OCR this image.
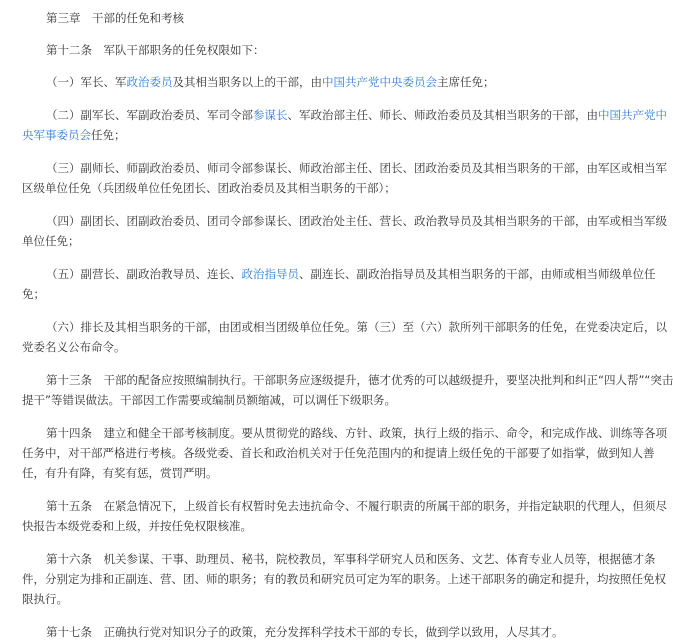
第三章　干部的任免和考核

第十二条　军队干部职务的任免权限如下：

（一）军长、军政治委员及其相当职务以上的干部，由中国共产党中央委员会主席任免；

（二）副军长、军副政治委员、军司令部参谋长、军政治部主任、师长、师政治委员及其相当职务的干部，由中国共产党中

央军事委员会任免；

（三）副师长、师副政治委员、师司令部参谋长、师政治部主任、团长、团政治委员及其相当职务的干部，由军区或相当军

区级单位任免（兵团级单位任免团长、团政治委员及其相当职务的干部）；

（四）副团长、团副政治委员、团司令部参谋长、团政治处主任、营长、政治教导员及其相当职务的干部，由军或相当军级

单位任免；

（五）副营长、副政治教导员、连长、政治指导员、副连长、副政治指导员及其相当职务的干部，由师或相当师级单位任

免；

（六）排长及其相当职务的干部，由团或相当团级单位任免。第（三）至（六）款所列干部职务的任免，在党委决定后，以

党委名义公布命令。

第十三条　干部的配备应按照编制执行。干部职务应逐级提升，德才优秀的可以越级提升，要坚决批判和纠正“四人帮”“突击

提干”等错误做法。干部因工作需要或编制员额缩减，可以调任下级职务。

第十四条　建立和健全干部考核制度。要从贯彻党的路线、方针、政策，执行上级的指示、命令，和完成作战、训练等各项

任务中，对干部严格进行考核。各级党委、首长和政治机关对于任免范围内的和提请上级任免的干部要了如指掌，做到知人善

任，有升有降，有奖有惩，赏罚严明。

第十五条　在紧急情况下，上级首长有权暂时免去违抗命令、不履行职责的所属干部的职务，并指定缺职的代理人，但须尽

快报告本级党委和上级，并按任免权限核准。

第十六条　机关参谋、干事、助理员、秘书，院校教员，军事科学研究人员和医务、文艺、体育专业人员等，根据德才条

件，分别定为排和正副连、营、团、师的职务；有的教员和研究员可定为军的职务。上述干部职务的确定和提升，均按照任免权

限执行。

第十七条　正确执行党对知识分子的政策，充分发挥科学技术干部的专长，做到学以致用，人尽其才。
